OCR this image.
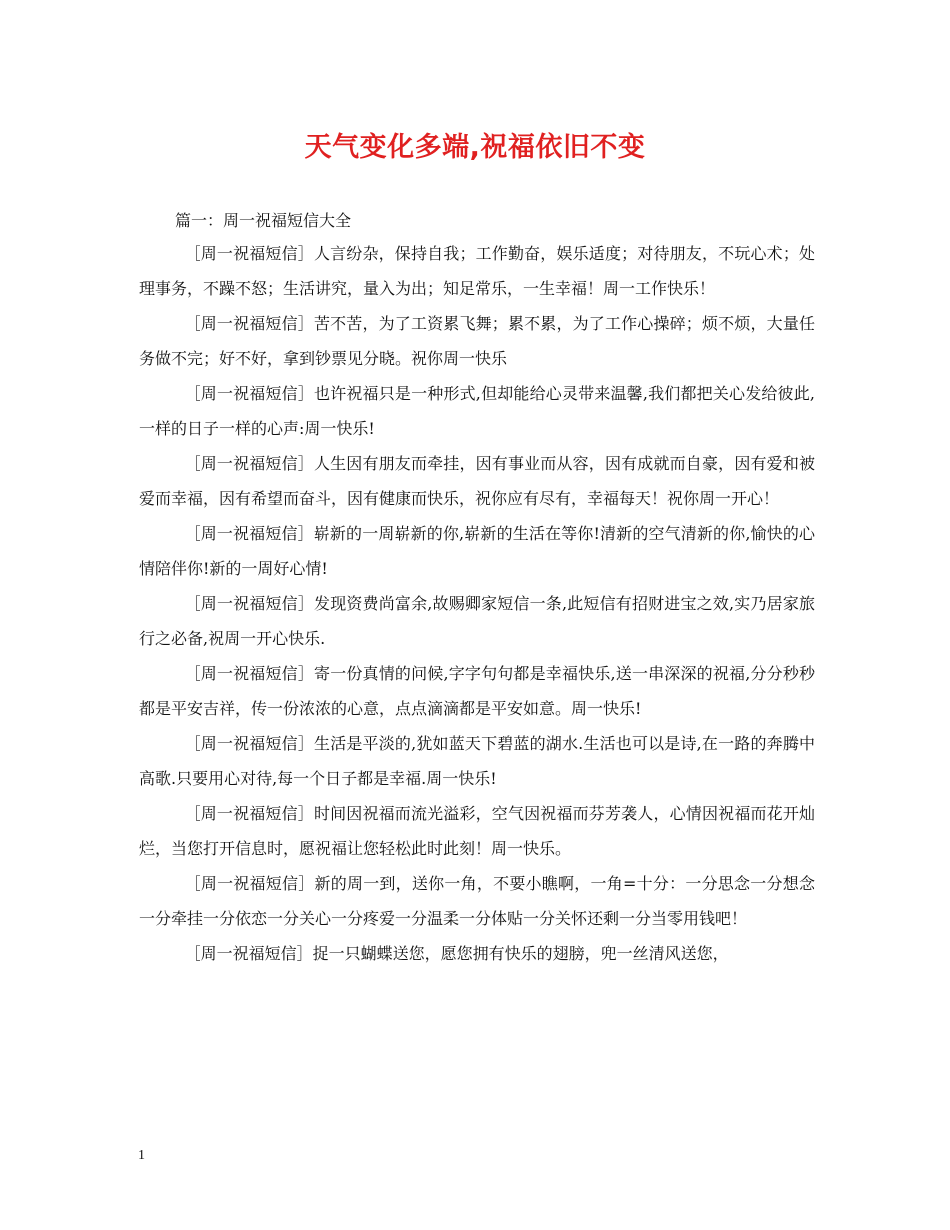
天气变化多端,祝福依旧不变
篇一：周一祝福短信大全

［周一祝福短信］人言纷杂，保持自我；工作勤奋，娱乐适度；对待朋友，不玩心术；处理事务，不躁不怒；生活讲究，量入为出；知足常乐，一生幸福！周一工作快乐！

［周一祝福短信］苦不苦，为了工资累飞舞；累不累，为了工作心操碎；烦不烦，大量任务做不完；好不好，拿到钞票见分晓。祝你周一快乐

［周一祝福短信］也许祝福只是一种形式,但却能给心灵带来温馨,我们都把关心发给彼此,一样的日子一样的心声:周一快乐!

［周一祝福短信］人生因有朋友而牵挂，因有事业而从容，因有成就而自豪，因有爱和被爱而幸福，因有希望而奋斗，因有健康而快乐，祝你应有尽有，幸福每天！祝你周一开心！

［周一祝福短信］崭新的一周崭新的你,崭新的生活在等你!清新的空气清新的你,愉快的心情陪伴你!新的一周好心情!

［周一祝福短信］发现资费尚富余,故赐卿家短信一条,此短信有招财进宝之效,实乃居家旅行之必备,祝周一开心快乐.

［周一祝福短信］寄一份真情的问候,字字句句都是幸福快乐,送一串深深的祝福,分分秒秒都是平安吉祥，传一份浓浓的心意，点点滴滴都是平安如意。周一快乐!

［周一祝福短信］生活是平淡的,犹如蓝天下碧蓝的湖水.生活也可以是诗,在一路的奔腾中高歌.只要用心对待,每一个日子都是幸福.周一快乐!

［周一祝福短信］时间因祝福而流光溢彩，空气因祝福而芬芳袭人，心情因祝福而花开灿烂，当您打开信息时，愿祝福让您轻松此时此刻！周一快乐。

［周一祝福短信］新的周一到，送你一角，不要小瞧啊，一角=十分：一分思念一分想念一分牵挂一分依恋一分关心一分疼爱一分温柔一分体贴一分关怀还剩一分当零用钱吧！

［周一祝福短信］捉一只蝴蝶送您，愿您拥有快乐的翅膀，兜一丝清风送您，

1
